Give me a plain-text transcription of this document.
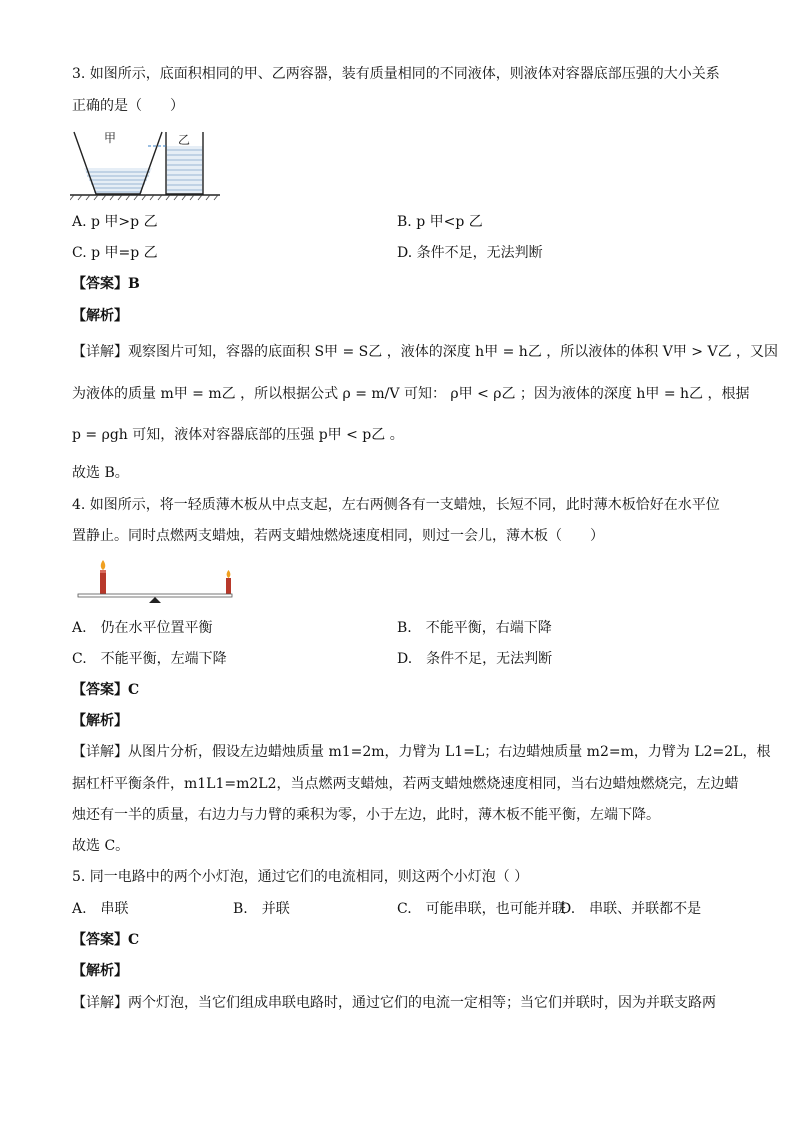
3. 如图所示，底面积相同的甲、乙两容器，装有质量相同的不同液体，则液体对容器底部压强的大小关系
正确的是（　　）
甲	乙
A. p 甲>p 乙	B. p 甲<p 乙
C. p 甲=p 乙	D. 条件不足，无法判断
【答案】B
【解析】
【详解】观察图片可知，容器的底面积 S甲 = S乙 ，液体的深度 h甲 = h乙 ，所以液体的体积 V甲 > V乙 ，又因
为液体的质量 m甲 = m乙 ，所以根据公式 ρ = m/V 可知： ρ甲 < ρ乙 ；因为液体的深度 h甲 = h乙 ，根据
p = ρgh 可知，液体对容器底部的压强 p甲 < p乙 。
故选 B。
4. 如图所示，将一轻质薄木板从中点支起，左右两侧各有一支蜡烛，长短不同，此时薄木板恰好在水平位
置静止。同时点燃两支蜡烛，若两支蜡烛燃烧速度相同，则过一会儿，薄木板（　　）
A.　仍在水平位置平衡	B.　不能平衡，右端下降
C.　不能平衡，左端下降	D.　条件不足，无法判断
【答案】C
【解析】
【详解】从图片分析，假设左边蜡烛质量 m1=2m，力臂为 L1=L；右边蜡烛质量 m2=m，力臂为 L2=2L，根
据杠杆平衡条件，m1L1=m2L2，当点燃两支蜡烛，若两支蜡烛燃烧速度相同，当右边蜡烛燃烧完，左边蜡
烛还有一半的质量，右边力与力臂的乘积为零，小于左边，此时，薄木板不能平衡，左端下降。
故选 C。
5. 同一电路中的两个小灯泡，通过它们的电流相同，则这两个小灯泡（ ）
A.　串联	B.　并联	C.　可能串联，也可能并联
D.　串联、并联都不是
【答案】C
【解析】
【详解】两个灯泡，当它们组成串联电路时，通过它们的电流一定相等；当它们并联时，因为并联支路两
